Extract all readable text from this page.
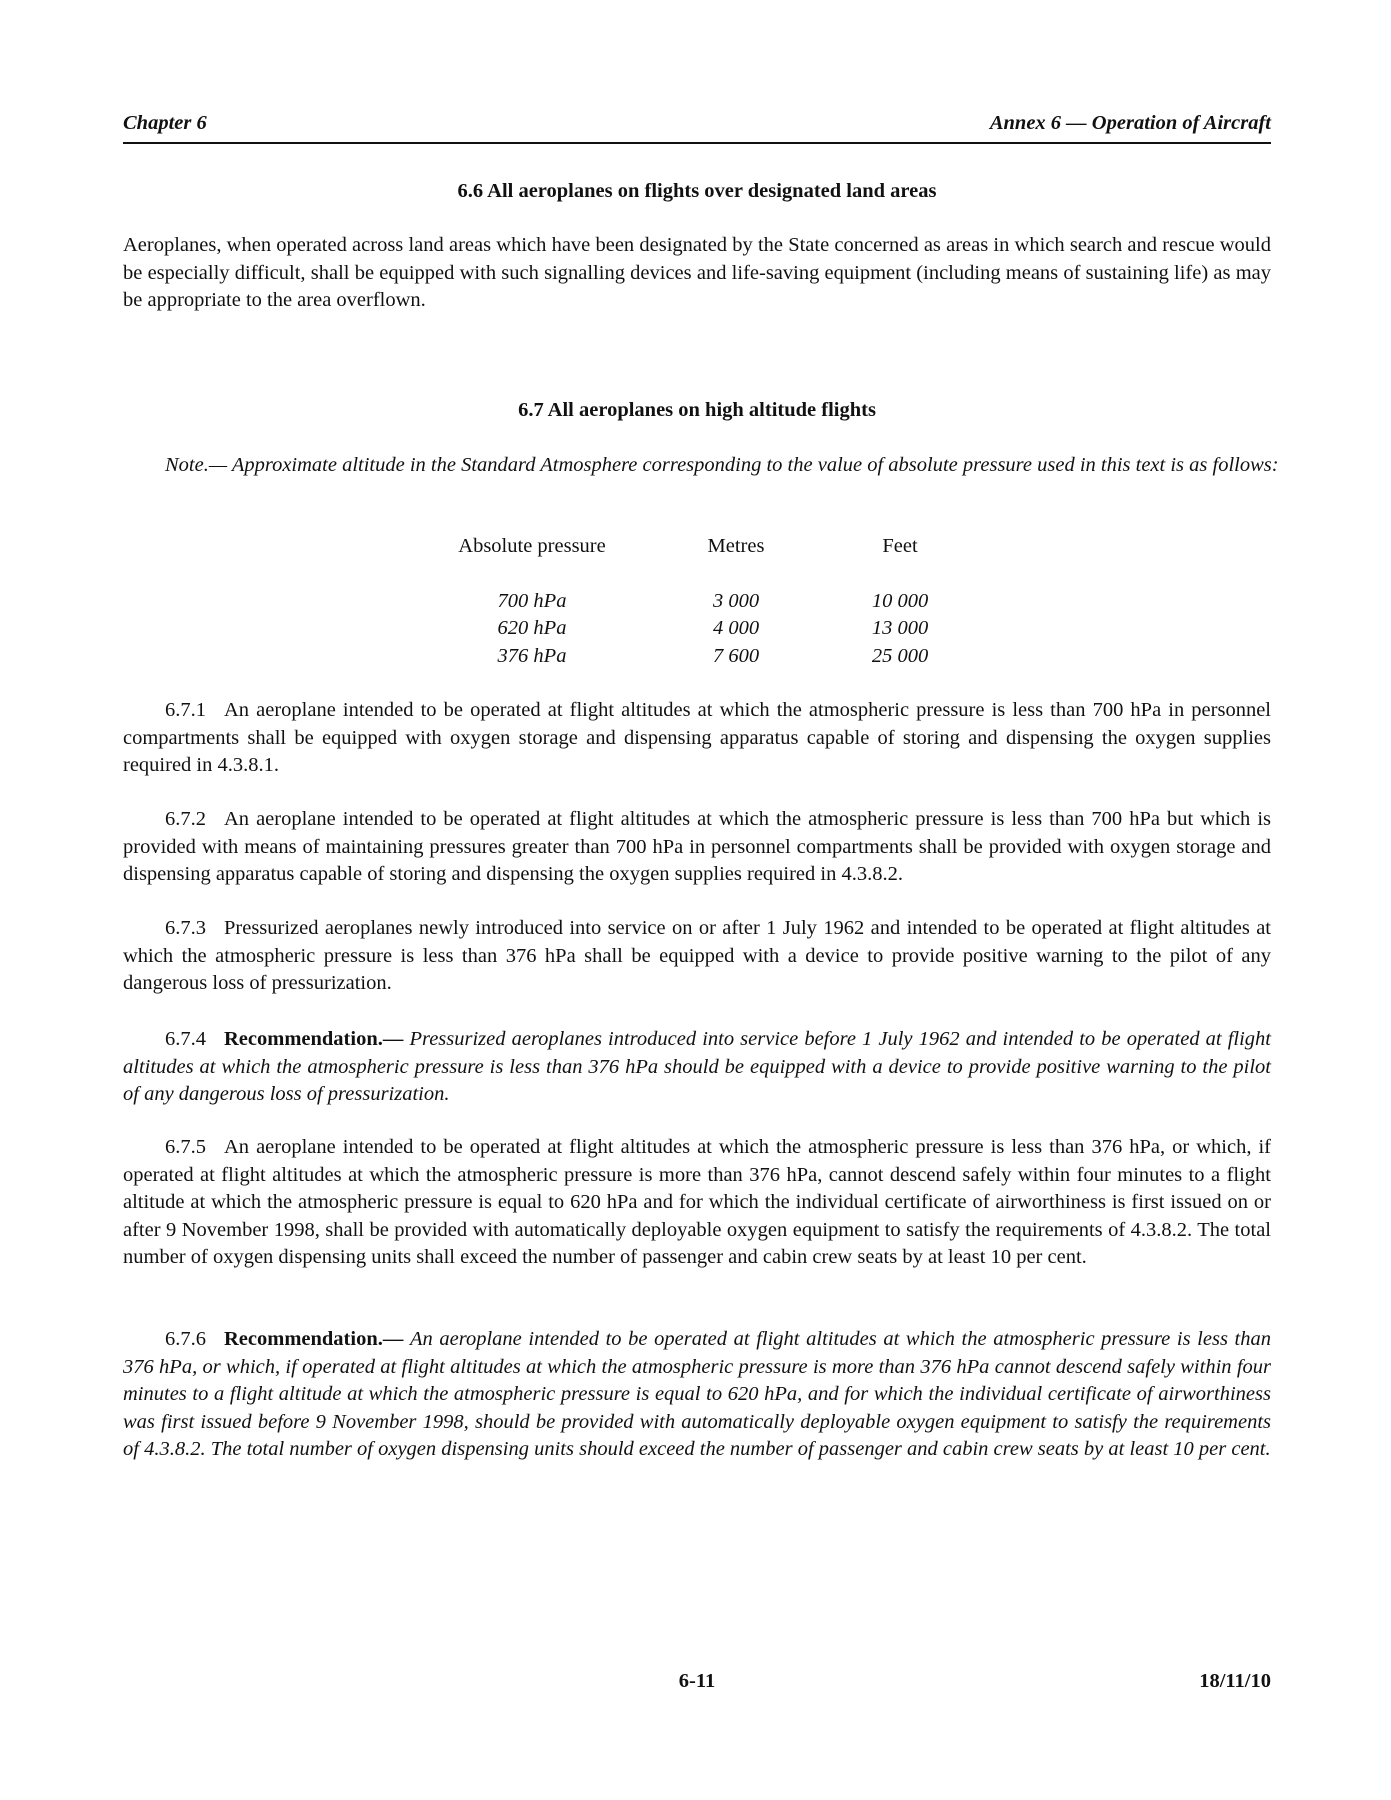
Chapter 6	Annex 6 — Operation of Aircraft
6.6 All aeroplanes on flights over designated land areas
Aeroplanes, when operated across land areas which have been designated by the State concerned as areas in which search and rescue would be especially difficult, shall be equipped with such signalling devices and life-saving equipment (including means of sustaining life) as may be appropriate to the area overflown.
6.7 All aeroplanes on high altitude flights
Note.— Approximate altitude in the Standard Atmosphere corresponding to the value of absolute pressure used in this text is as follows:
Absolute pressure	Metres	Feet
700 hPa	3 000	10 000
620 hPa	4 000	13 000
376 hPa	7 600	25 000
6.7.1 An aeroplane intended to be operated at flight altitudes at which the atmospheric pressure is less than 700 hPa in personnel compartments shall be equipped with oxygen storage and dispensing apparatus capable of storing and dispensing the oxygen supplies required in 4.3.8.1.
6.7.2 An aeroplane intended to be operated at flight altitudes at which the atmospheric pressure is less than 700 hPa but which is provided with means of maintaining pressures greater than 700 hPa in personnel compartments shall be provided with oxygen storage and dispensing apparatus capable of storing and dispensing the oxygen supplies required in 4.3.8.2.
6.7.3 Pressurized aeroplanes newly introduced into service on or after 1 July 1962 and intended to be operated at flight altitudes at which the atmospheric pressure is less than 376 hPa shall be equipped with a device to provide positive warning to the pilot of any dangerous loss of pressurization.
6.7.4 Recommendation.— Pressurized aeroplanes introduced into service before 1 July 1962 and intended to be operated at flight altitudes at which the atmospheric pressure is less than 376 hPa should be equipped with a device to provide positive warning to the pilot of any dangerous loss of pressurization.
6.7.5 An aeroplane intended to be operated at flight altitudes at which the atmospheric pressure is less than 376 hPa, or which, if operated at flight altitudes at which the atmospheric pressure is more than 376 hPa, cannot descend safely within four minutes to a flight altitude at which the atmospheric pressure is equal to 620 hPa and for which the individual certificate of airworthiness is first issued on or after 9 November 1998, shall be provided with automatically deployable oxygen equipment to satisfy the requirements of 4.3.8.2. The total number of oxygen dispensing units shall exceed the number of passenger and cabin crew seats by at least 10 per cent.
6.7.6 Recommendation.— An aeroplane intended to be operated at flight altitudes at which the atmospheric pressure is less than 376 hPa, or which, if operated at flight altitudes at which the atmospheric pressure is more than 376 hPa cannot descend safely within four minutes to a flight altitude at which the atmospheric pressure is equal to 620 hPa, and for which the individual certificate of airworthiness was first issued before 9 November 1998, should be provided with automatically deployable oxygen equipment to satisfy the requirements of 4.3.8.2. The total number of oxygen dispensing units should exceed the number of passenger and cabin crew seats by at least 10 per cent.
6-11	18/11/10
